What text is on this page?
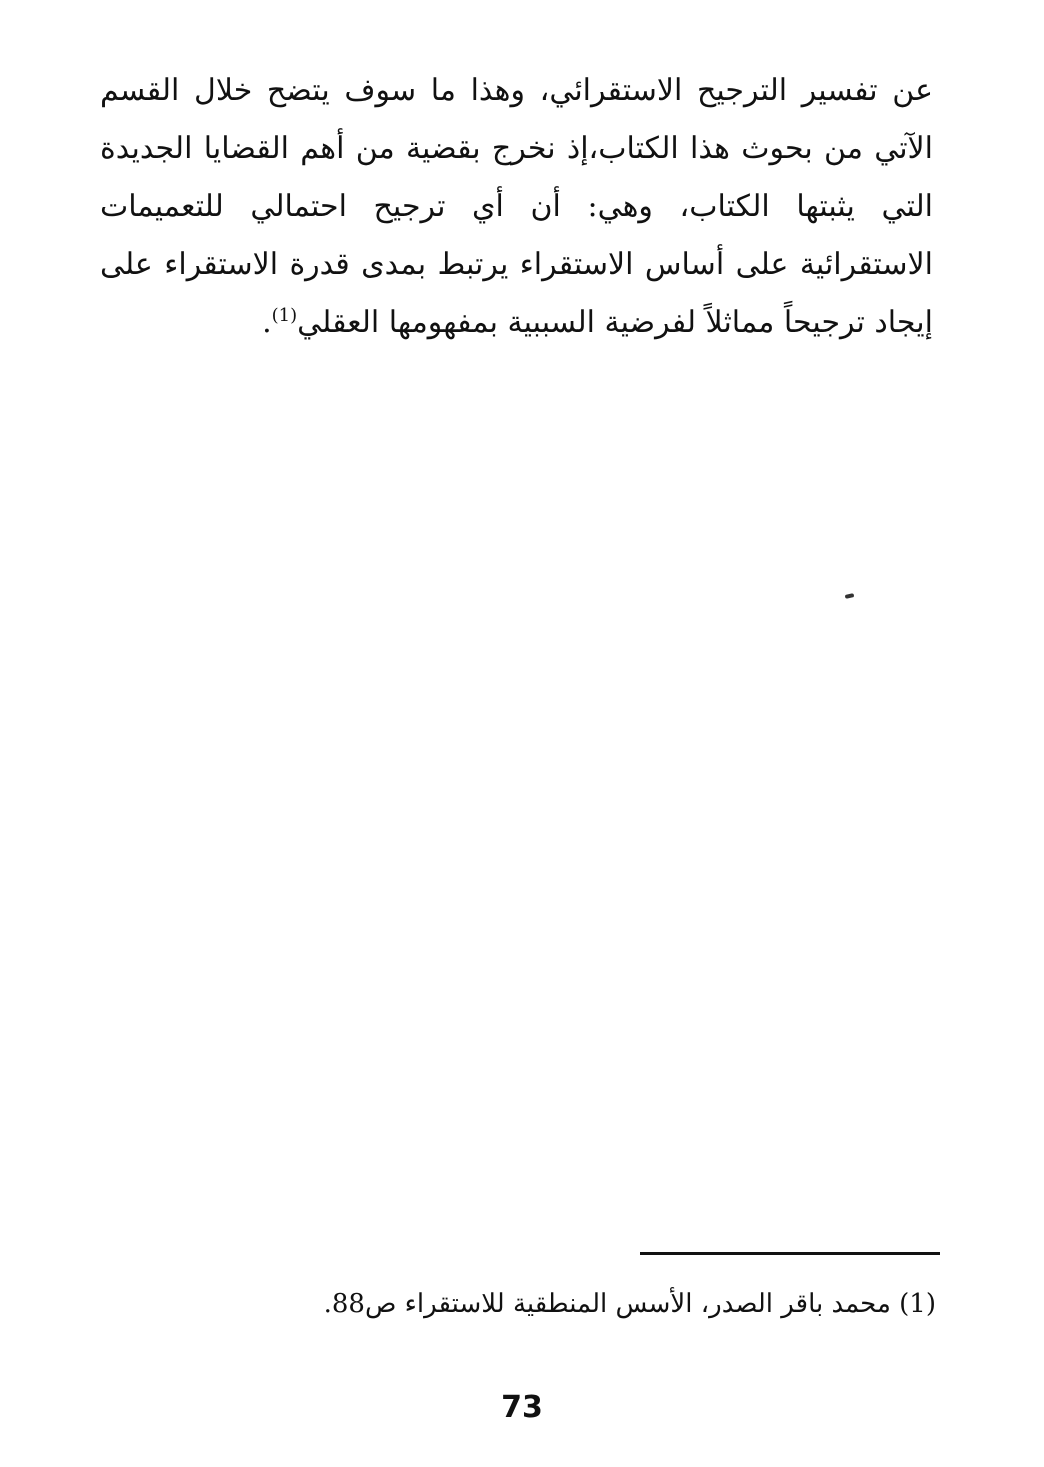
عن تفسير الترجيح الاستقرائي، وهذا ما سوف يتضح خلال القسم
الآتي من بحوث هذا الكتاب،إذ نخرج بقضية من أهم القضايا الجديدة
التي يثبتها الكتاب، وهي: أن أي ترجيح احتمالي للتعميمات
الاستقرائية على أساس الاستقراء يرتبط بمدى قدرة الاستقراء على
إيجاد ترجيحاً مماثلاً لفرضية السببية بمفهومها العقلي$^{(1)}$.
(1) محمد باقر الصدر، الأسس المنطقية للاستقراء ص88.
73
